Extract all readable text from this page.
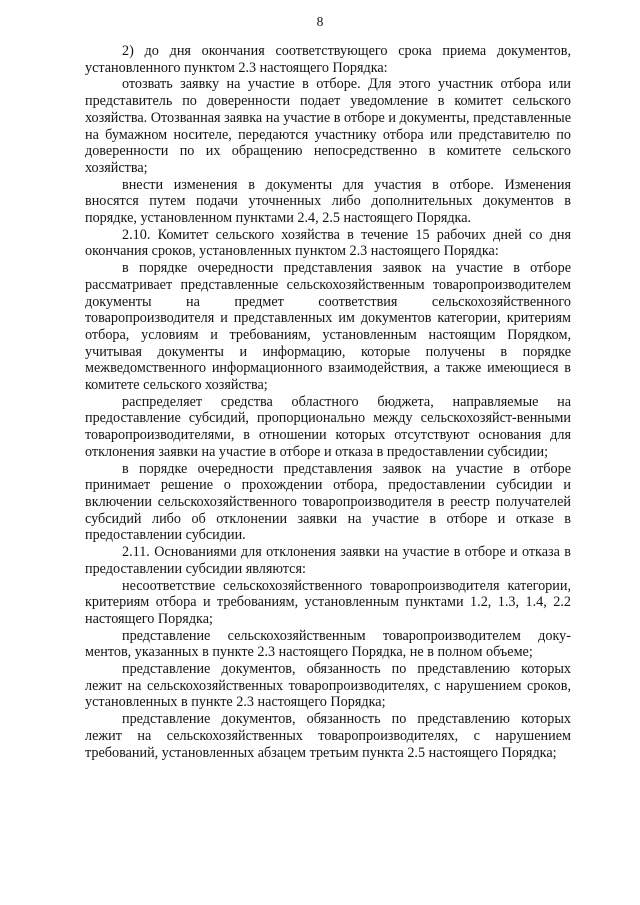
8

2) до дня окончания соответствующего срока приема документов, установленного пунктом 2.3 настоящего Порядка:

отозвать заявку на участие в отборе. Для этого участник отбора или представитель по доверенности подает уведомление в комитет сельского хозяйства. Отозванная заявка на участие в отборе и документы, представленные на бумажном носителе, передаются участнику отбора или представителю по доверенности по их обращению непосредственно в комитете сельского хозяйства;

внести изменения в документы для участия в отборе. Изменения вносятся путем подачи уточненных либо дополнительных документов в порядке, установленном пунктами 2.4, 2.5 настоящего Порядка.

2.10. Комитет сельского хозяйства в течение 15 рабочих дней со дня окончания сроков, установленных пунктом 2.3 настоящего Порядка:

в порядке очередности представления заявок на участие в отборе рассматривает представленные сельскохозяйственным товаропроизводителем документы на предмет соответствия сельскохозяйственного товаропроизводителя и представленных им документов категории, критериям отбора, условиям и требованиям, установленным настоящим Порядком, учитывая документы и информацию, которые получены в порядке межведомственного информационного взаимодействия, а также имеющиеся в комитете сельского хозяйства;

распределяет средства областного бюджета, направляемые на предоставление субсидий, пропорционально между сельскохозяйст-венными товаропроизводителями, в отношении которых отсутствуют основания для отклонения заявки на участие в отборе и отказа в предоставлении субсидии;

в порядке очередности представления заявок на участие в отборе принимает решение о прохождении отбора, предоставлении субсидии и включении сельскохозяйственного товаропроизводителя в реестр получателей субсидий либо об отклонении заявки на участие в отборе и отказе в предоставлении субсидии.

2.11. Основаниями для отклонения заявки на участие в отборе и отказа в предоставлении субсидии являются:

несоответствие сельскохозяйственного товаропроизводителя категории, критериям отбора и требованиям, установленным пунктами 1.2, 1.3, 1.4, 2.2 настоящего Порядка;

представление сельскохозяйственным товаропроизводителем доку-ментов, указанных в пункте 2.3 настоящего Порядка, не в полном объеме;

представление документов, обязанность по представлению которых лежит на сельскохозяйственных товаропроизводителях, с нарушением сроков, установленных в пункте 2.3 настоящего Порядка;

представление документов, обязанность по представлению которых лежит на сельскохозяйственных товаропроизводителях, с нарушением требований, установленных абзацем третьим пункта 2.5 настоящего Порядка;
